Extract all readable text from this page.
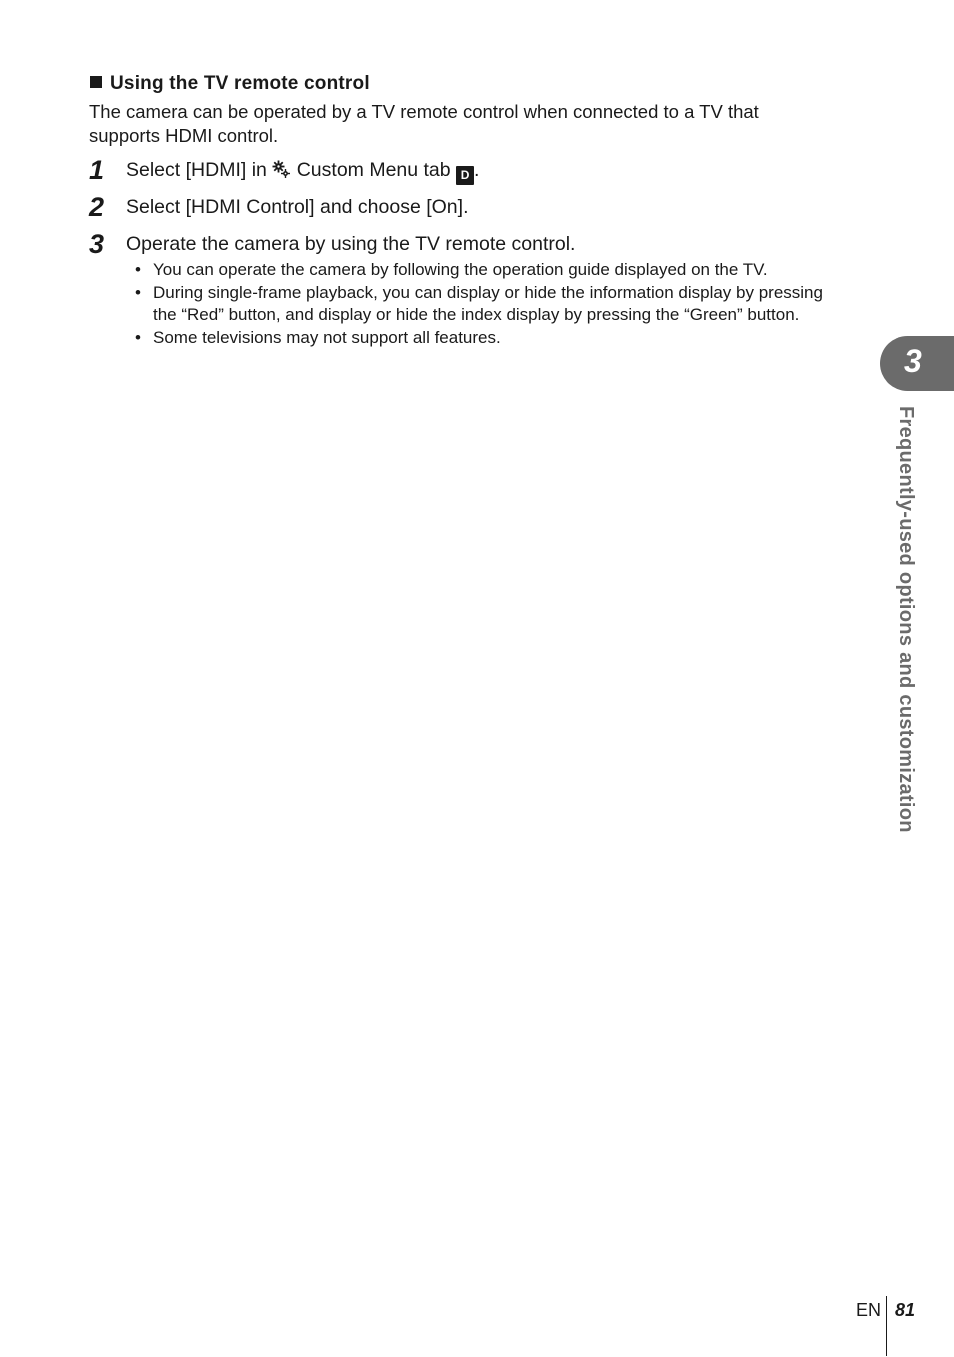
Using the TV remote control
The camera can be operated by a TV remote control when connected to a TV that supports HDMI control.
1	Select [HDMI] in Custom Menu tab D .
2	Select [HDMI Control] and choose [On].
3	Operate the camera by using the TV remote control.
• You can operate the camera by following the operation guide displayed on the TV.
• During single-frame playback, you can display or hide the information display by pressing the “Red” button, and display or hide the index display by pressing the “Green” button.
• Some televisions may not support all features.
3
Frequently-used options and customization
EN 81
